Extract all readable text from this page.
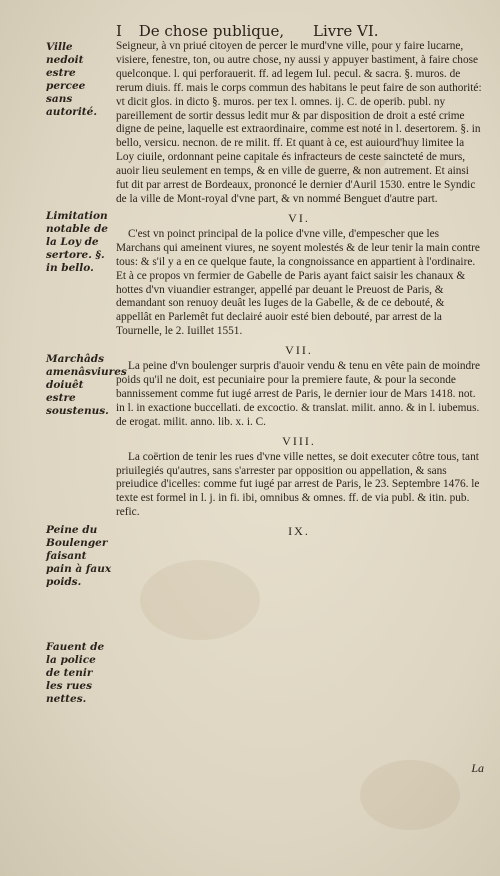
I De chose publique, Livre VI.
Ville nedoit estre percee sans autorité.
Limitation notable de la Loy de sertore. §. in bello.
Marchâds amenâsviures doiuêt estre soustenus.
Peine du Boulenger faisant pain à faux poids.
Fauent de la police de tenir les rues nettes.

Seigneur, à vn priué citoyen de percer le murd'vne ville, pour y faire lucarne, visiere, fenestre, ton, ou autre chose, ny aussi y appuyer bastiment, à faire chose quelconque. l. qui perforauerit. ff. ad legem Iul. pecul. & sacra. §. muros. de rerum diuis. ff. mais le corps commun des habitans le peut faire de son authorité: vt dicit glos. in dicto §. muros. per tex l. omnes. ij. C. de operib. publ. ny pareillement de sortir dessus ledit mur & par disposition de droit a esté crime digne de peine, laquelle est extraordinaire, comme est noté in l. desertorem. §. in bello, versicu. necnon. de re milit. ff. Et quant à ce, est auiourd'huy limitee la Loy ciuile, ordonnant peine capitale és infracteurs de ceste saincteté de murs, auoir lieu seulement en temps, & en ville de guerre, & non autrement. Et ainsi fut dit par arrest de Bordeaux, prononcé le dernier d'Auril 1530. entre le Syndic de la ville de Mont-royal d'vne part, & vn nommé Benguet d'autre part.

VI.

C'est vn poinct principal de la police d'vne ville, d'empescher que les Marchans qui ameinent viures, ne soyent molestés & de leur tenir la main contre tous: & s'il y a en ce quelque faute, la congnoissance en appartient à l'ordinaire. Et à ce propos vn fermier de Gabelle de Paris ayant faict saisir les chanaux & hottes d'vn viuandier estranger, appellé par deuant le Preuost de Paris, & demandant son renuoy deuât les Iuges de la Gabelle, & de ce debouté, & appellât en Parlemêt fut declairé auoir esté bien debouté, par arrest de la Tournelle, le 2. Iuillet 1551.

VII.

La peine d'vn boulenger surpris d'auoir vendu & tenu en vête pain de moindre poids qu'il ne doit, est pecuniaire pour la premiere faute, & pour la seconde bannissement comme fut iugé arrest de Paris, le dernier iour de Mars 1418. not. in l. in exactione buccellati. de excoctio. & translat. milit. anno. & in l. iubemus. de erogat. milit. anno. lib. x. i. C.

VIII.

La coërtion de tenir les rues d'vne ville nettes, se doit executer côtre tous, tant priuilegiés qu'autres, sans s'arrester par opposition ou appellation, & sans preiudice d'icelles: comme fut iugé par arrest de Paris, le 23. Septembre 1476. le texte est formel in l. j. in fi. ibi, omnibus & omnes. ff. de via publ. & itin. pub. refic.

IX.
La
